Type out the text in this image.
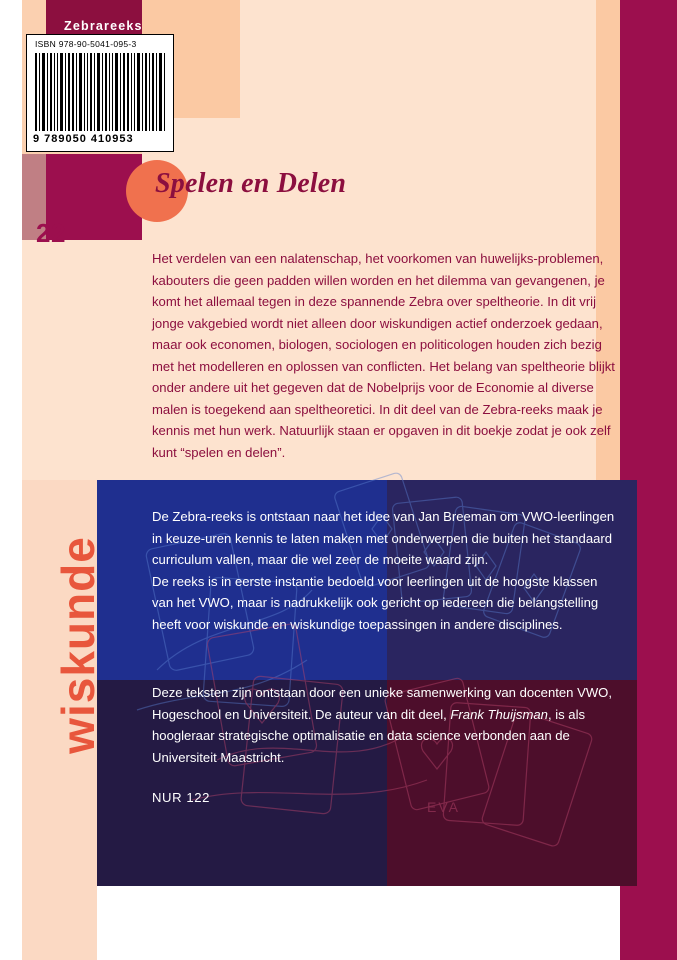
EVA
Zebrareeks
ISBN 978-90-5041-095-3
9 789050 410953
22
Spelen en Delen
Het verdelen van een nalatenschap, het voorkomen van huwelijks-problemen, kabouters die geen padden willen worden en het dilemma van gevangenen, je komt het allemaal tegen in deze spannende Zebra over speltheorie. In dit vrij jonge vakgebied wordt niet alleen door wiskundigen actief onderzoek gedaan, maar ook economen, biologen, sociologen en politicologen houden zich bezig met het modelleren en oplossen van conflicten. Het belang van speltheorie blijkt onder andere uit het gegeven dat de Nobelprijs voor de Economie al diverse malen is toegekend aan speltheoretici. In dit deel van de Zebra-reeks maak je kennis met hun werk. Natuurlijk staan er opgaven in dit boekje zodat je ook zelf kunt “spelen en delen”.
wiskunde
De Zebra-reeks is ontstaan naar het idee van Jan Breeman om VWO-leerlingen in keuze-uren kennis te laten maken met onderwerpen die buiten het standaard curriculum vallen, maar die wel zeer de moeite waard zijn.
De reeks is in eerste instantie bedoeld voor leerlingen uit de hoogste klassen van het VWO, maar is nadrukkelijk ook gericht op iedereen die belangstelling heeft voor wiskunde en wiskundige toepassingen in andere disciplines.
Deze teksten zijn ontstaan door een unieke samenwerking van docenten VWO, Hogeschool en Universiteit. De auteur van dit deel, Frank Thuijsman, is als hoogleraar strategische optimalisatie en data science verbonden aan de Universiteit Maastricht.
NUR 122
